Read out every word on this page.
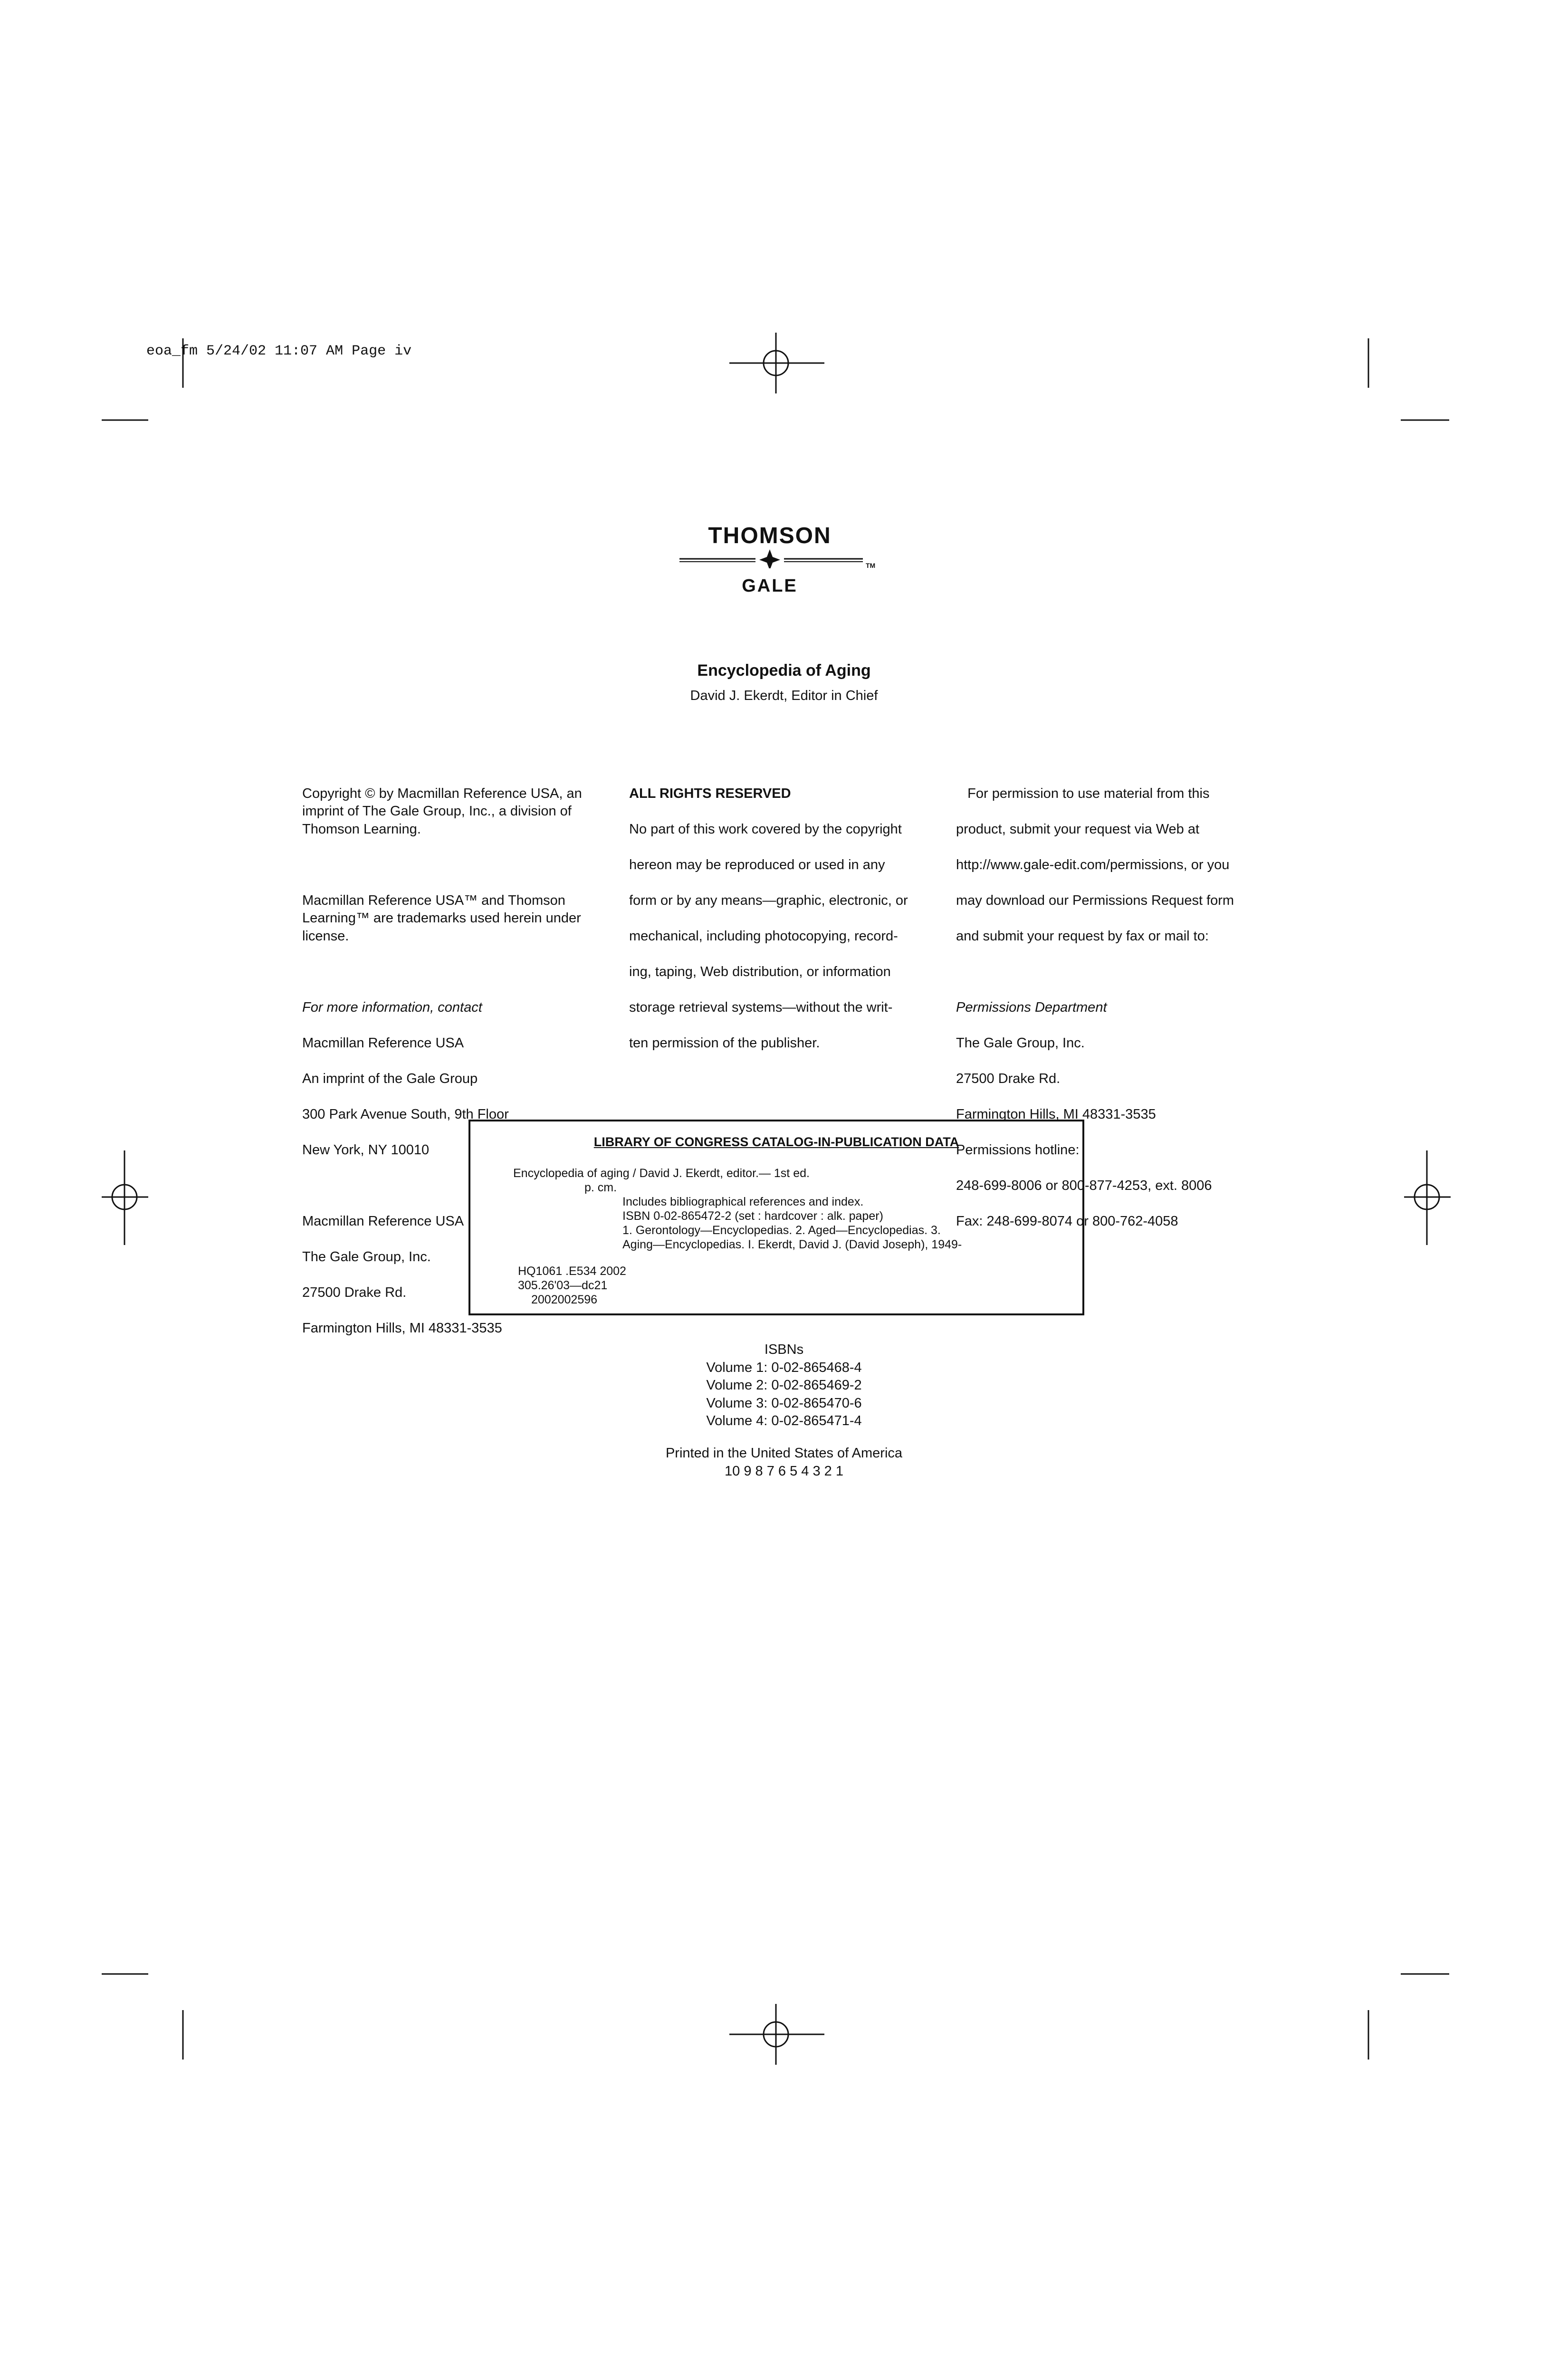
eoa_fm 5/24/02 11:07 AM Page iv
THOMSON
TM
GALE
Encyclopedia of Aging
David J. Ekerdt, Editor in Chief

Copyright © by Macmillan Reference USA, an imprint of The Gale Group, Inc., a division of Thomson Learning.

Macmillan Reference USA™ and Thomson Learning™ are trademarks used herein under license.

For more information, contact

Macmillan Reference USA

An imprint of the Gale Group

300 Park Avenue South, 9th Floor

New York, NY 10010

Macmillan Reference USA

The Gale Group, Inc.

27500 Drake Rd.

Farmington Hills, MI 48331-3535

ALL RIGHTS RESERVED

No part of this work covered by the copyright

hereon may be reproduced or used in any

form or by any means—graphic, electronic, or

mechanical, including photocopying, record-

ing, taping, Web distribution, or information

storage retrieval systems—without the writ-

ten permission of the publisher.

For permission to use material from this

product, submit your request via Web at

http://www.gale-edit.com/permissions, or you

may download our Permissions Request form

and submit your request by fax or mail to:

Permissions Department

The Gale Group, Inc.

27500 Drake Rd.

Farmington Hills, MI 48331-3535

Permissions hotline:

248-699-8006 or 800-877-4253, ext. 8006

Fax: 248-699-8074 or 800-762-4058

LIBRARY OF CONGRESS CATALOG-IN-PUBLICATION DATA
Encyclopedia of aging / David J. Ekerdt, editor.— 1st ed.
p. cm.
Includes bibliographical references and index.
ISBN 0-02-865472-2 (set : hardcover : alk. paper)
1. Gerontology—Encyclopedias. 2. Aged—Encyclopedias. 3.
Aging—Encyclopedias. I. Ekerdt, David J. (David Joseph), 1949-
HQ1061 .E534 2002
305.26'03—dc21
2002002596

ISBNs

Volume 1: 0-02-865468-4

Volume 2: 0-02-865469-2

Volume 3: 0-02-865470-6

Volume 4: 0-02-865471-4

Printed in the United States of America

10 9 8 7 6 5 4 3 2 1
